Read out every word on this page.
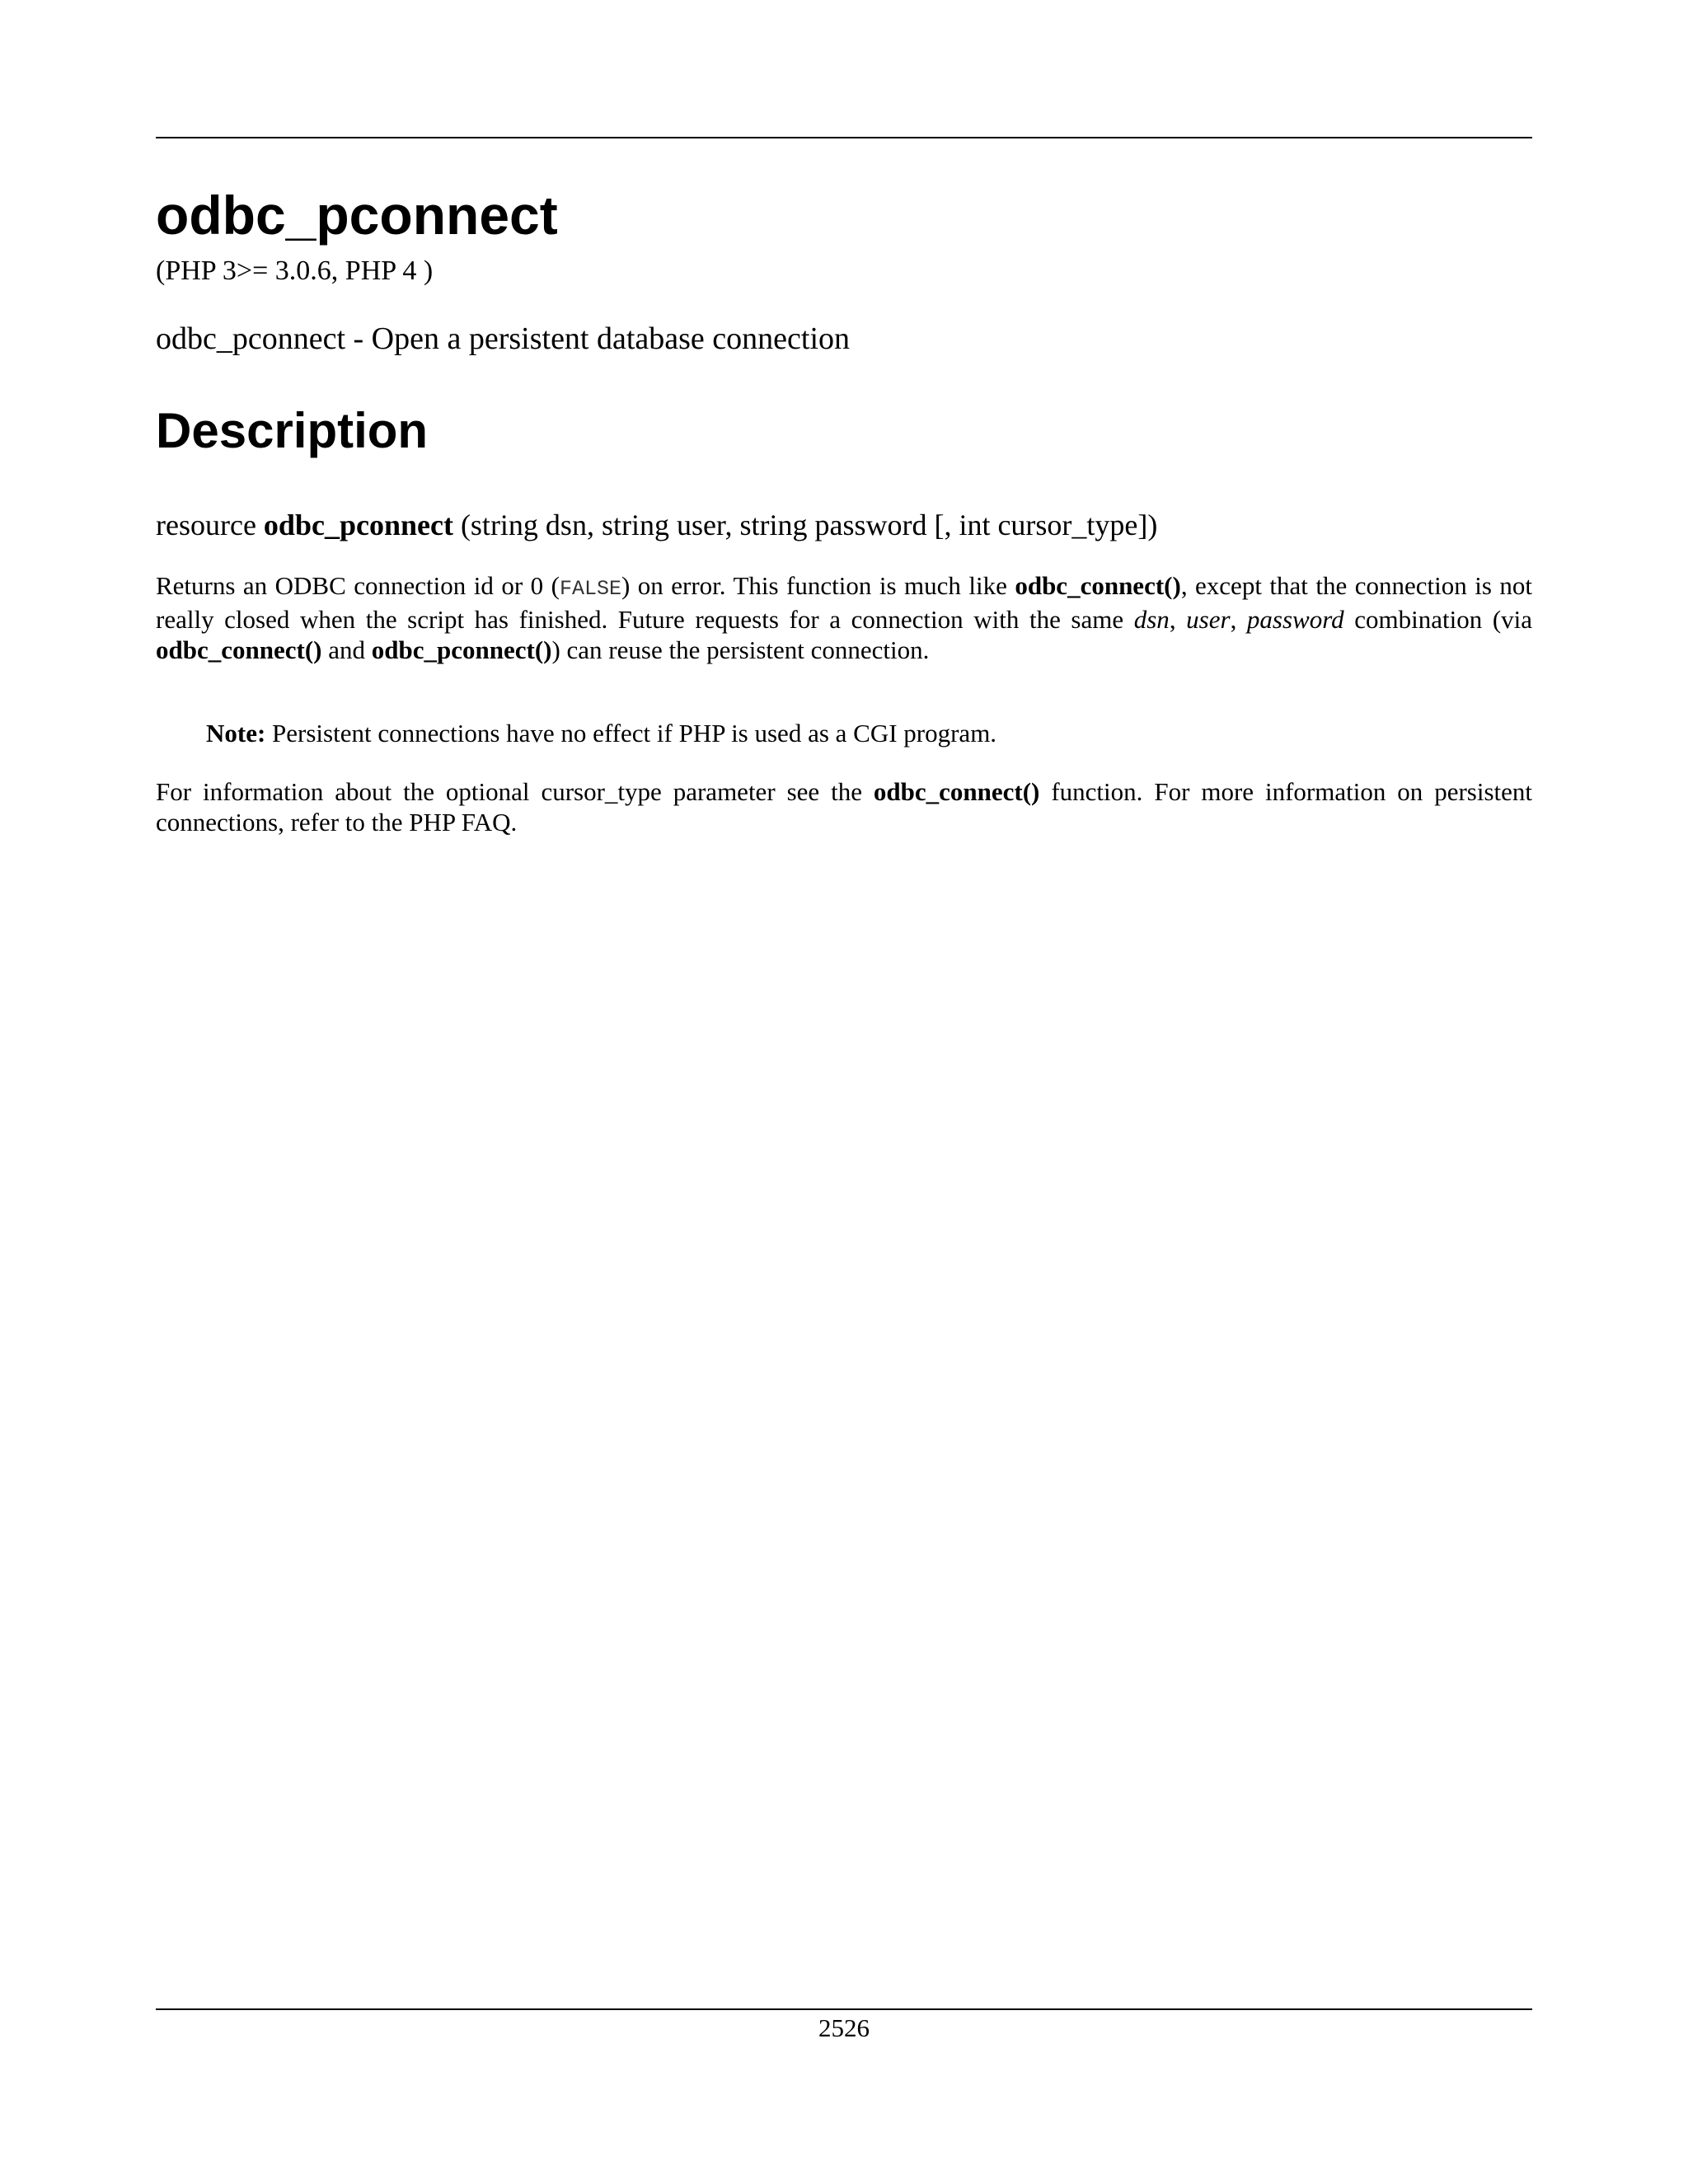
odbc_pconnect
(PHP 3>= 3.0.6, PHP 4 )
odbc_pconnect - Open a persistent database connection
Description
resource odbc_pconnect (string dsn, string user, string password [, int cursor_type])
Returns an ODBC connection id or 0 (FALSE) on error. This function is much like odbc_connect(), except that the connection is not really closed when the script has finished. Future requests for a connection with the same dsn, user, password combination (via odbc_connect() and odbc_pconnect()) can reuse the persistent connection.
Note: Persistent connections have no effect if PHP is used as a CGI program.
For information about the optional cursor_type parameter see the odbc_connect() function. For more information on persistent connections, refer to the PHP FAQ.
2526
